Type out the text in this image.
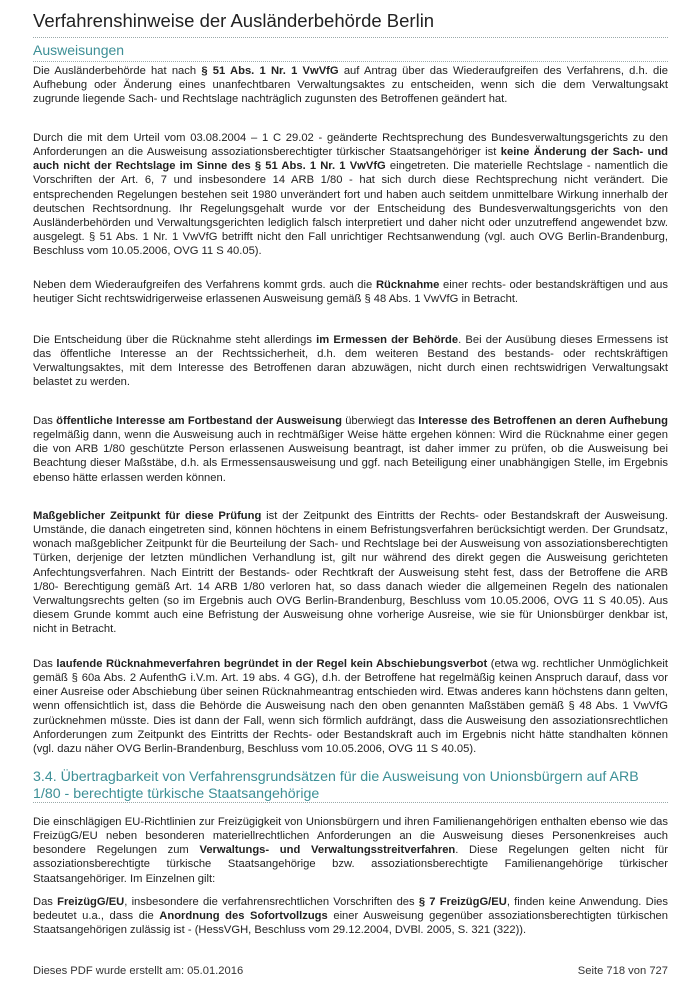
Verfahrenshinweise der Ausländerbehörde Berlin
Ausweisungen

Die Ausländerbehörde hat nach § 51 Abs. 1 Nr. 1 VwVfG auf Antrag über das Wiederaufgreifen des Verfahrens, d.h. die Aufhebung oder Änderung eines unanfechtbaren Verwaltungsaktes zu entscheiden, wenn sich die dem Verwaltungsakt zugrunde liegende Sach- und Rechtslage nachträglich zugunsten des Betroffenen geändert hat.

Durch die mit dem Urteil vom 03.08.2004 – 1 C 29.02 - geänderte Rechtsprechung des Bundesverwaltungsgerichts zu den Anforderungen an die Ausweisung assoziationsberechtigter türkischer Staatsangehöriger ist keine Änderung der Sach- und auch nicht der Rechtslage im Sinne des § 51 Abs. 1 Nr. 1 VwVfG eingetreten. Die materielle Rechtslage - namentlich die Vorschriften der Art. 6, 7 und insbesondere 14 ARB 1/80 - hat sich durch diese Rechtsprechung nicht verändert. Die entsprechenden Regelungen bestehen seit 1980 unverändert fort und haben auch seitdem unmittelbare Wirkung innerhalb der deutschen Rechtsordnung. Ihr Regelungsgehalt wurde vor der Entscheidung des Bundesverwaltungsgerichts von den Ausländerbehörden und Verwaltungsgerichten lediglich falsch interpretiert und daher nicht oder unzutreffend angewendet bzw. ausgelegt. § 51 Abs. 1 Nr. 1 VwVfG betrifft nicht den Fall unrichtiger Rechtsanwendung (vgl. auch OVG Berlin-Brandenburg, Beschluss vom 10.05.2006, OVG 11 S 40.05).

Neben dem Wiederaufgreifen des Verfahrens kommt grds. auch die Rücknahme einer rechts- oder bestandskräftigen und aus heutiger Sicht rechtswidrigerweise erlassenen Ausweisung gemäß § 48 Abs. 1 VwVfG in Betracht.

Die Entscheidung über die Rücknahme steht allerdings im Ermessen der Behörde. Bei der Ausübung dieses Ermessens ist das öffentliche Interesse an der Rechtssicherheit, d.h. dem weiteren Bestand des bestands- oder rechtskräftigen Verwaltungsaktes, mit dem Interesse des Betroffenen daran abzuwägen, nicht durch einen rechtswidrigen Verwaltungsakt belastet zu werden.

Das öffentliche Interesse am Fortbestand der Ausweisung überwiegt das Interesse des Betroffenen an deren Aufhebung regelmäßig dann, wenn die Ausweisung auch in rechtmäßiger Weise hätte ergehen können: Wird die Rücknahme einer gegen die von ARB 1/80 geschützte Person erlassenen Ausweisung beantragt, ist daher immer zu prüfen, ob die Ausweisung bei Beachtung dieser Maßstäbe, d.h. als Ermessensausweisung und ggf. nach Beteiligung einer unabhängigen Stelle, im Ergebnis ebenso hätte erlassen werden können.

Maßgeblicher Zeitpunkt für diese Prüfung ist der Zeitpunkt des Eintritts der Rechts- oder Bestandskraft der Ausweisung. Umstände, die danach eingetreten sind, können höchtens in einem Befristungsverfahren berücksichtigt werden. Der Grundsatz, wonach maßgeblicher Zeitpunkt für die Beurteilung der Sach- und Rechtslage bei der Ausweisung von assoziationsberechtigten Türken, derjenige der letzten mündlichen Verhandlung ist, gilt nur während des direkt gegen die Ausweisung gerichteten Anfechtungsverfahren. Nach Eintritt der Bestands- oder Rechtkraft der Ausweisung steht fest, dass der Betroffene die ARB 1/80- Berechtigung gemäß Art. 14 ARB 1/80 verloren hat, so dass danach wieder die allgemeinen Regeln des nationalen Verwaltungsrechts gelten (so im Ergebnis auch OVG Berlin-Brandenburg, Beschluss vom 10.05.2006, OVG 11 S 40.05). Aus diesem Grunde kommt auch eine Befristung der Ausweisung ohne vorherige Ausreise, wie sie für Unionsbürger denkbar ist, nicht in Betracht.

Das laufende Rücknahmeverfahren begründet in der Regel kein Abschiebungsverbot (etwa wg. rechtlicher Unmöglichkeit gemäß § 60a Abs. 2 AufenthG i.V.m. Art. 19 abs. 4 GG), d.h. der Betroffene hat regelmäßig keinen Anspruch darauf, dass vor einer Ausreise oder Abschiebung über seinen Rücknahmeantrag entschieden wird. Etwas anderes kann höchstens dann gelten, wenn offensichtlich ist, dass die Behörde die Ausweisung nach den oben genannten Maßstäben gemäß § 48 Abs. 1 VwVfG zurücknehmen müsste. Dies ist dann der Fall, wenn sich förmlich aufdrängt, dass die Ausweisung den assoziationsrechtlichen Anforderungen zum Zeitpunkt des Eintritts der Rechts- oder Bestandskraft auch im Ergebnis nicht hätte standhalten können (vgl. dazu näher OVG Berlin-Brandenburg, Beschluss vom 10.05.2006, OVG 11 S 40.05).

3.4. Übertragbarkeit von Verfahrensgrundsätzen für die Ausweisung von Unionsbürgern auf ARB 1/80 - berechtigte türkische Staatsangehörige

Die einschlägigen EU-Richtlinien zur Freizügigkeit von Unionsbürgern und ihren Familienangehörigen enthalten ebenso wie das FreizügG/EU neben besonderen materiellrechtlichen Anforderungen an die Ausweisung dieses Personenkreises auch besondere Regelungen zum Verwaltungs- und Verwaltungsstreitverfahren. Diese Regelungen gelten nicht für assoziationsberechtigte türkische Staatsangehörige bzw. assoziationsberechtigte Familienangehörige türkischer Staatsangehöriger. Im Einzelnen gilt:

Das FreizügG/EU, insbesondere die verfahrensrechtlichen Vorschriften des § 7 FreizügG/EU, finden keine Anwendung. Dies bedeutet u.a., dass die Anordnung des Sofortvollzugs einer Ausweisung gegenüber assoziationsberechtigten türkischen Staatsangehörigen zulässig ist - (HessVGH, Beschluss vom 29.12.2004, DVBl. 2005, S. 321 (322)).

Dieses PDF wurde erstellt am: 05.01.2016	Seite 718 von 727
